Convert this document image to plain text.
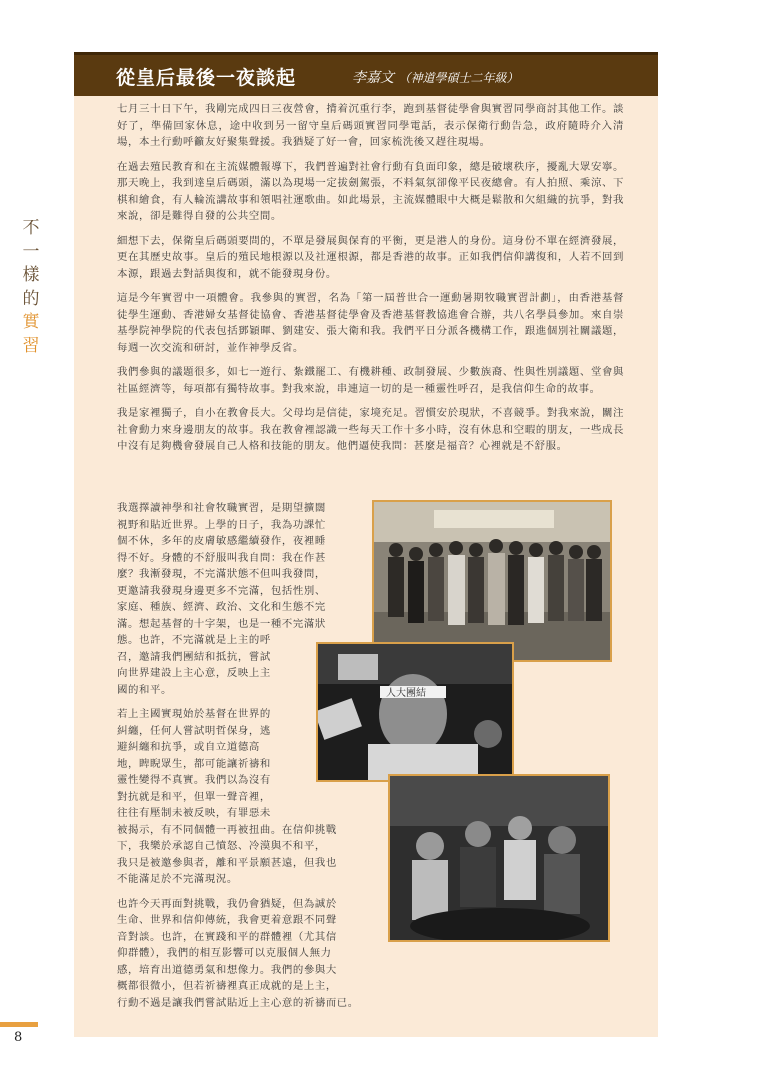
從皇后最後一夜談起	李嘉文 （神道學碩士二年級）
不
一
樣
的
實
習

七月三十日下午，我剛完成四日三夜營會，揹着沉重行李，跑到基督徒學會與實習同學商討其他工作。談好了，準備回家休息，途中收到另一留守皇后碼頭實習同學電話，表示保衛行動告急，政府隨時介入清場，本土行動呼籲友好聚集聲援。我猶疑了好一會，回家梳洗後又趕往現場。

在過去殖民教育和在主流媒體報導下，我們普遍對社會行動有負面印象，總是破壞秩序，擾亂大眾安寧。那天晚上，我到達皇后碼頭，滿以為現場一定拔劍駕張，不料氣氛卻像平民夜總會。有人拍照、乘涼、下棋和繪食，有人輪流講故事和領唱社運歌曲。如此場景，主流媒體眼中大概是鬆散和欠組織的抗爭，對我來說，卻是難得自發的公共空間。

細想下去，保衛皇后碼頭要問的，不單是發展與保育的平衡，更是港人的身份。這身份不單在經濟發展，更在其歷史故事。皇后的殖民地根源以及社運根源，都是香港的故事。正如我們信仰講復和，人若不回到本源，跟過去對話與復和，就不能發現身份。

這是今年實習中一項體會。我參與的實習，名為「第一屆普世合一運動暑期牧職實習計劃」，由香港基督徒學生運動、香港婦女基督徒協會、香港基督徒學會及香港基督教協進會合辦，共八名學員參加。來自崇基學院神學院的代表包括鄧穎暉、劉建安、張大衛和我。我們平日分派各機構工作，跟進個別社關議題，每週一次交流和研討，並作神學反省。

我們參與的議題很多，如七一遊行、紮鐵罷工、有機耕種、政制發展、少數族裔、性與性別議題、堂會與社區經濟等，每項都有獨特故事。對我來說，串連這一切的是一種靈性呼召，是我信仰生命的故事。

我是家裡獨子，自小在教會長大。父母均是信徒，家境充足。習慣安於現狀，不喜競爭。對我來說，關注社會動力來身邊朋友的故事。我在教會裡認識一些每天工作十多小時，沒有休息和空暇的朋友，一些成長中沒有足夠機會發展自己人格和技能的朋友。他們逼使我問：甚麼是福音？心裡就是不舒服。

我選擇讀神學和社會牧職實習，是期望擴闊
視野和貼近世界。上學的日子，我為功課忙
個不休，多年的皮膚敏感繼續發作，夜裡睡
得不好。身體的不舒服叫我自問：我在作甚
麼？我漸發現，不完滿狀態不但叫我發問，
更邀請我發現身邊更多不完滿，包括性別、
家庭、種族、經濟、政治、文化和生態不完
滿。想起基督的十字架，也是一種不完滿狀
態。也許，不完滿就是上主的呼
召，邀請我們團結和抵抗，嘗試
向世界建設上主心意，反映上主
國的和平。
若上主國實現始於基督在世界的
糾纏，任何人嘗試明哲保身，逃
避糾纏和抗爭，或自立道德高
地，睥睨眾生，都可能讓祈禱和
靈性變得不真實。我們以為沒有
對抗就是和平，但單一聲音裡，
往往有壓制未被反映，有罪惡未
被揭示，有不同個體一再被扭曲。在信仰挑戰
下，我樂於承認自己憤怒、冷漠與不和平，
我只是被邀參與者，離和平景願甚遠，但我也
不能滿足於不完滿現況。
也許今天再面對挑戰，我仍會猶疑，但為誠於
生命、世界和信仰傳統，我會更着意跟不同聲
音對談。也許，在實踐和平的群體裡（尤其信
仰群體），我們的相互影響可以克服個人無力
感，培育出道德勇氣和想像力。我們的參與大
概都很微小，但若祈禱裡真正成就的是上主，
行動不過是讓我們嘗試貼近上主心意的祈禱而已。
人大團結
8
